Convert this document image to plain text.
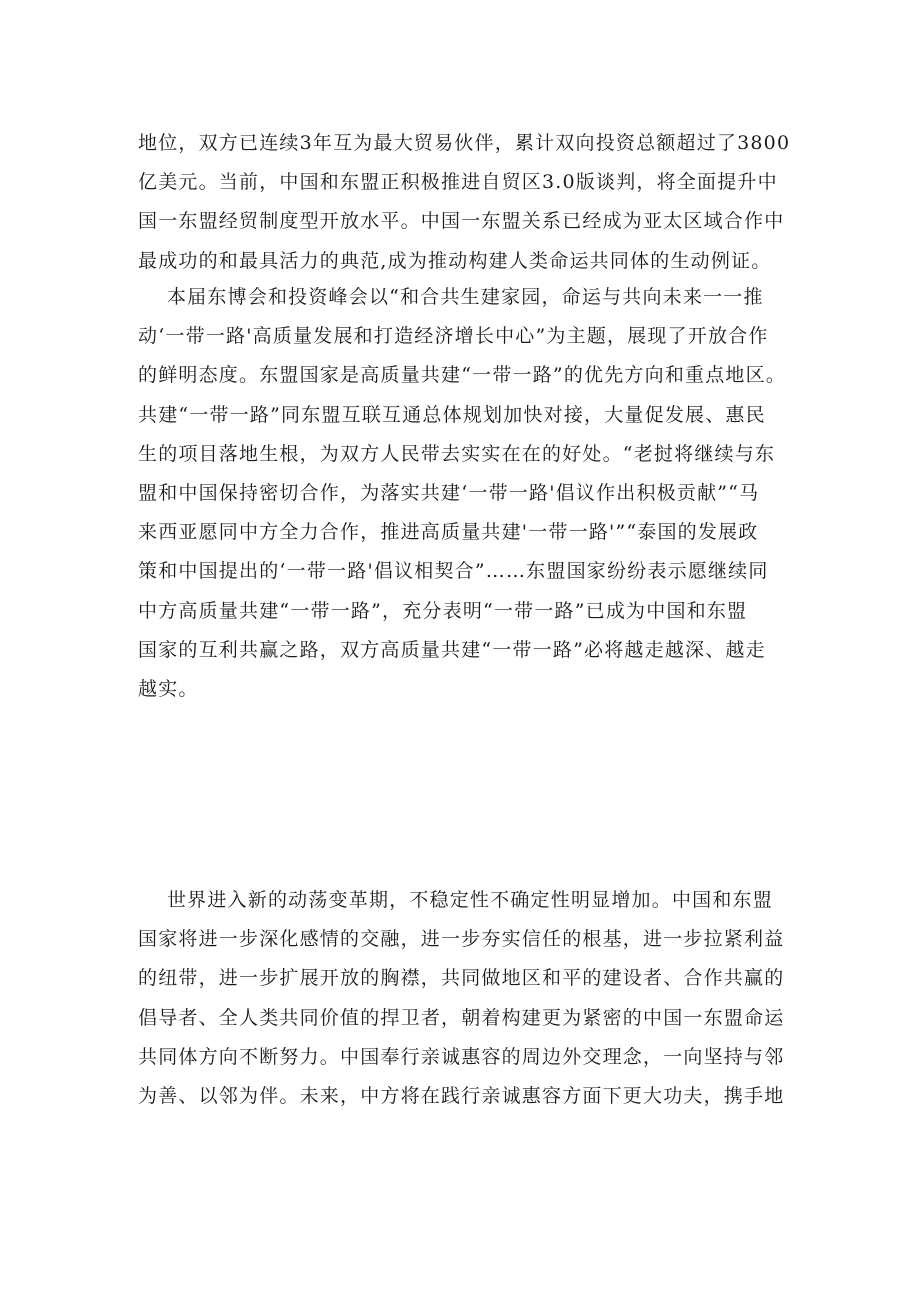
地位，双方已连续3年互为最大贸易伙伴，累计双向投资总额超过了3800
亿美元。当前，中国和东盟正积极推进自贸区3.0版谈判，将全面提升中
国一东盟经贸制度型开放水平。中国一东盟关系已经成为亚太区域合作中
最成功的和最具活力的典范,成为推动构建人类命运共同体的生动例证。
本届东博会和投资峰会以“和合共生建家园，命运与共向未来一一推
动‘一带一路'高质量发展和打造经济增长中心”为主题，展现了开放合作
的鲜明态度。东盟国家是高质量共建“一带一路”的优先方向和重点地区。
共建“一带一路”同东盟互联互通总体规划加快对接，大量促发展、惠民
生的项目落地生根，为双方人民带去实实在在的好处。“老挝将继续与东
盟和中国保持密切合作，为落实共建‘一带一路'倡议作出积极贡献”“马
来西亚愿同中方全力合作，推进高质量共建'一带一路'”“泰国的发展政
策和中国提出的‘一带一路'倡议相契合”……东盟国家纷纷表示愿继续同
中方高质量共建“一带一路”，充分表明“一带一路”已成为中国和东盟
国家的互利共赢之路，双方高质量共建“一带一路”必将越走越深、越走
越实。
世界进入新的动荡变革期，不稳定性不确定性明显增加。中国和东盟
国家将进一步深化感情的交融，进一步夯实信任的根基，进一步拉紧利益
的纽带，进一步扩展开放的胸襟，共同做地区和平的建设者、合作共赢的
倡导者、全人类共同价值的捍卫者，朝着构建更为紧密的中国一东盟命运
共同体方向不断努力。中国奉行亲诚惠容的周边外交理念，一向坚持与邻
为善、以邻为伴。未来，中方将在践行亲诚惠容方面下更大功夫，携手地
